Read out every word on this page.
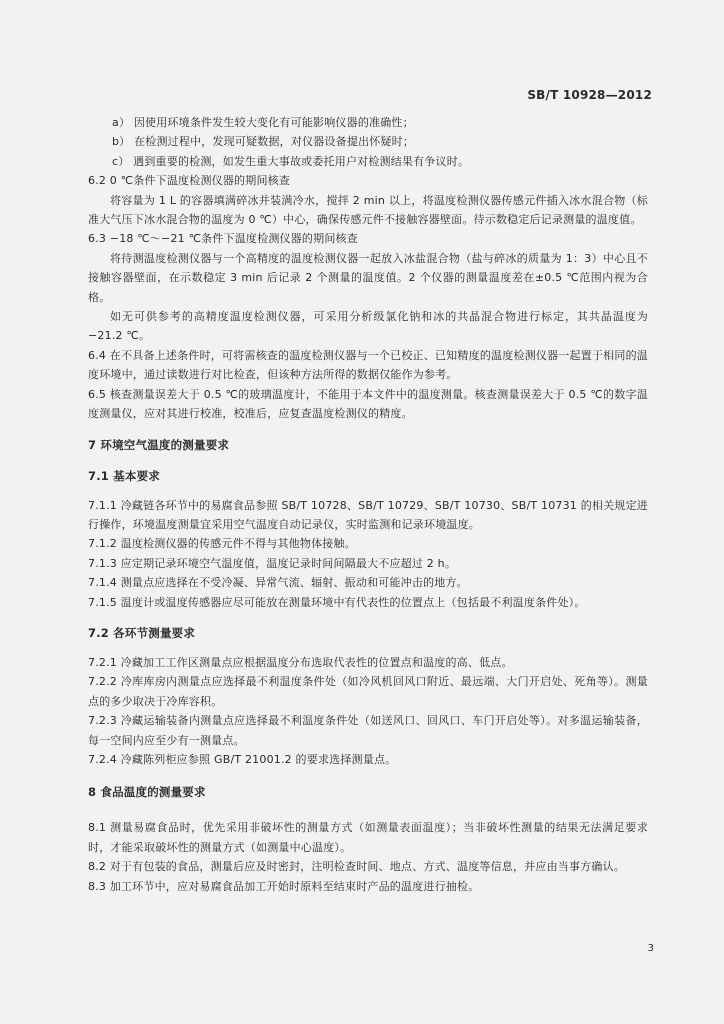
SB/T 10928—2012

a） 因使用环境条件发生较大变化有可能影响仪器的准确性；

b） 在检测过程中，发现可疑数据，对仪器设备提出怀疑时；

c） 遇到重要的检测，如发生重大事故或委托用户对检测结果有争议时。

6.2 0 ℃条件下温度检测仪器的期间核查

将容量为 1 L 的容器填满碎冰并装满冷水，搅拌 2 min 以上，将温度检测仪器传感元件插入冰水混合物（标准大气压下冰水混合物的温度为 0 ℃）中心，确保传感元件不接触容器壁面。待示数稳定后记录测量的温度值。

6.3 −18 ℃～−21 ℃条件下温度检测仪器的期间核查

将待测温度检测仪器与一个高精度的温度检测仪器一起放入冰盐混合物（盐与碎冰的质量为 1：3）中心且不接触容器壁面，在示数稳定 3 min 后记录 2 个测量的温度值。2 个仪器的测量温度差在±0.5 ℃范围内视为合格。

如无可供参考的高精度温度检测仪器，可采用分析级氯化钠和冰的共晶混合物进行标定，其共晶温度为−21.2 ℃。

6.4 在不具备上述条件时，可将需核查的温度检测仪器与一个已校正、已知精度的温度检测仪器一起置于相同的温度环境中，通过读数进行对比检查，但该种方法所得的数据仅能作为参考。

6.5 核查测量误差大于 0.5 ℃的玻璃温度计，不能用于本文件中的温度测量。核查测量误差大于 0.5 ℃的数字温度测量仪，应对其进行校准，校准后，应复查温度检测仪的精度。

7 环境空气温度的测量要求

7.1 基本要求

7.1.1 冷藏链各环节中的易腐食品参照 SB/T 10728、SB/T 10729、SB/T 10730、SB/T 10731 的相关规定进行操作，环境温度测量宜采用空气温度自动记录仪，实时监测和记录环境温度。

7.1.2 温度检测仪器的传感元件不得与其他物体接触。

7.1.3 应定期记录环境空气温度值，温度记录时间间隔最大不应超过 2 h。

7.1.4 测量点应选择在不受冷凝、异常气流、辐射、振动和可能冲击的地方。

7.1.5 温度计或温度传感器应尽可能放在测量环境中有代表性的位置点上（包括最不利温度条件处）。

7.2 各环节测量要求

7.2.1 冷藏加工工作区测量点应根据温度分布选取代表性的位置点和温度的高、低点。

7.2.2 冷库库房内测量点应选择最不利温度条件处（如冷风机回风口附近、最远端、大门开启处、死角等）。测量点的多少取决于冷库容积。

7.2.3 冷藏运输装备内测量点应选择最不利温度条件处（如送风口、回风口、车门开启处等）。对多温运输装备，每一空间内应至少有一测量点。

7.2.4 冷藏陈列柜应参照 GB/T 21001.2 的要求选择测量点。

8 食品温度的测量要求

8.1 测量易腐食品时，优先采用非破坏性的测量方式（如测量表面温度）；当非破坏性测量的结果无法满足要求时，才能采取破坏性的测量方式（如测量中心温度）。

8.2 对于有包装的食品，测量后应及时密封，注明检查时间、地点、方式、温度等信息，并应由当事方确认。

8.3 加工环节中，应对易腐食品加工开始时原料至结束时产品的温度进行抽检。

3
